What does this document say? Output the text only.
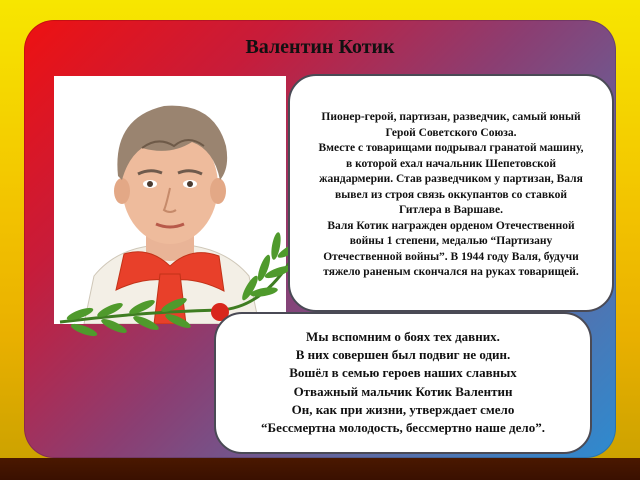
Валентин Котик
Пионер-герой, партизан, разведчик, самый юный
Герой Советского Союза.
Вместе с товарищами подрывал гранатой машину,
в которой ехал начальник Шепетовской
жандармерии. Став разведчиком у партизан, Валя
вывел из строя связь оккупантов со ставкой
Гитлера в Варшаве.
Валя Котик награжден орденом Отечественной
войны 1 степени, медалью “Партизану
Отечественной войны”. В 1944 году Валя, будучи
тяжело раненым скончался на руках товарищей.
Мы вспомним о боях тех давних.
В них совершен был подвиг не один.
Вошёл в семью героев наших славных
Отважный мальчик Котик Валентин
Он, как при жизни, утверждает смело
“Бессмертна молодость, бессмертно наше дело”.
